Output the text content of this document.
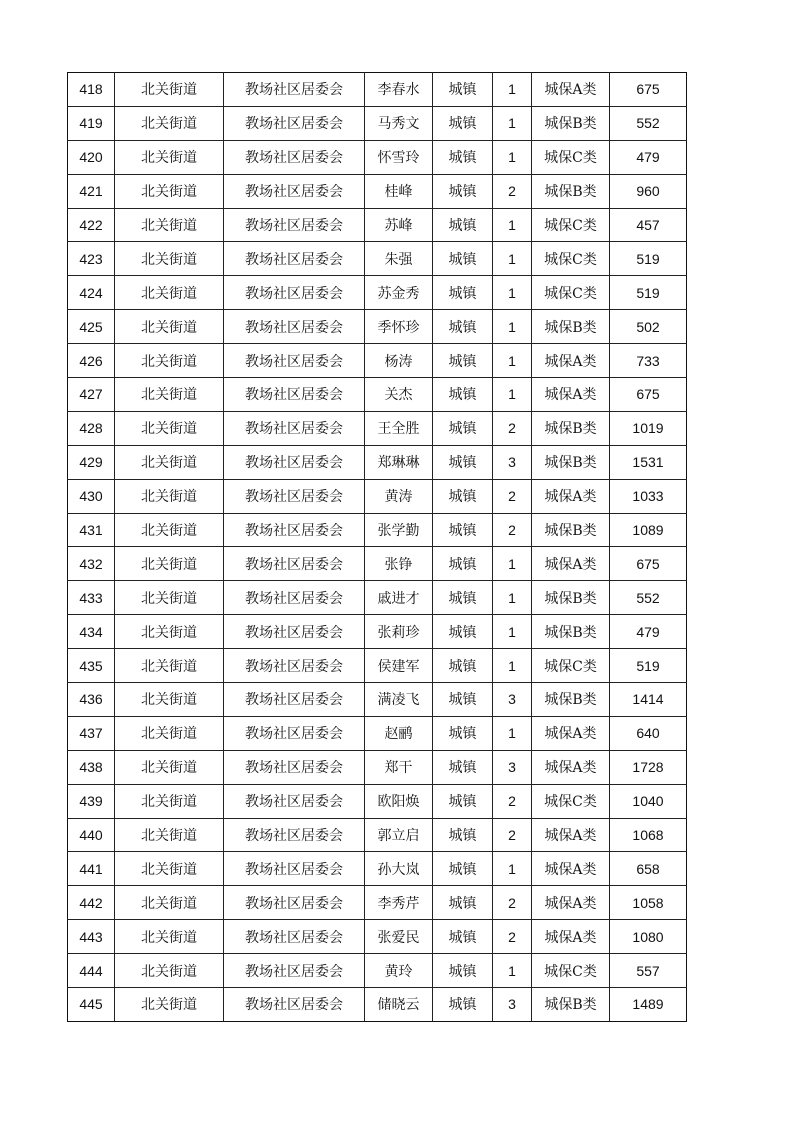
418	北关街道	教场社区居委会	李春水	城镇	1	城保A类	675
419	北关街道	教场社区居委会	马秀文	城镇	1	城保B类	552
420	北关街道	教场社区居委会	怀雪玲	城镇	1	城保C类	479
421	北关街道	教场社区居委会	桂峰	城镇	2	城保B类	960
422	北关街道	教场社区居委会	苏峰	城镇	1	城保C类	457
423	北关街道	教场社区居委会	朱强	城镇	1	城保C类	519
424	北关街道	教场社区居委会	苏金秀	城镇	1	城保C类	519
425	北关街道	教场社区居委会	季怀珍	城镇	1	城保B类	502
426	北关街道	教场社区居委会	杨涛	城镇	1	城保A类	733
427	北关街道	教场社区居委会	关杰	城镇	1	城保A类	675
428	北关街道	教场社区居委会	王全胜	城镇	2	城保B类	1019
429	北关街道	教场社区居委会	郑琳琳	城镇	3	城保B类	1531
430	北关街道	教场社区居委会	黄涛	城镇	2	城保A类	1033
431	北关街道	教场社区居委会	张学勤	城镇	2	城保B类	1089
432	北关街道	教场社区居委会	张铮	城镇	1	城保A类	675
433	北关街道	教场社区居委会	戚进才	城镇	1	城保B类	552
434	北关街道	教场社区居委会	张莉珍	城镇	1	城保B类	479
435	北关街道	教场社区居委会	侯建军	城镇	1	城保C类	519
436	北关街道	教场社区居委会	满凌飞	城镇	3	城保B类	1414
437	北关街道	教场社区居委会	赵鹂	城镇	1	城保A类	640
438	北关街道	教场社区居委会	郑干	城镇	3	城保A类	1728
439	北关街道	教场社区居委会	欧阳焕	城镇	2	城保C类	1040
440	北关街道	教场社区居委会	郭立启	城镇	2	城保A类	1068
441	北关街道	教场社区居委会	孙大岚	城镇	1	城保A类	658
442	北关街道	教场社区居委会	李秀芹	城镇	2	城保A类	1058
443	北关街道	教场社区居委会	张爱民	城镇	2	城保A类	1080
444	北关街道	教场社区居委会	黄玲	城镇	1	城保C类	557
445	北关街道	教场社区居委会	储晓云	城镇	3	城保B类	1489
